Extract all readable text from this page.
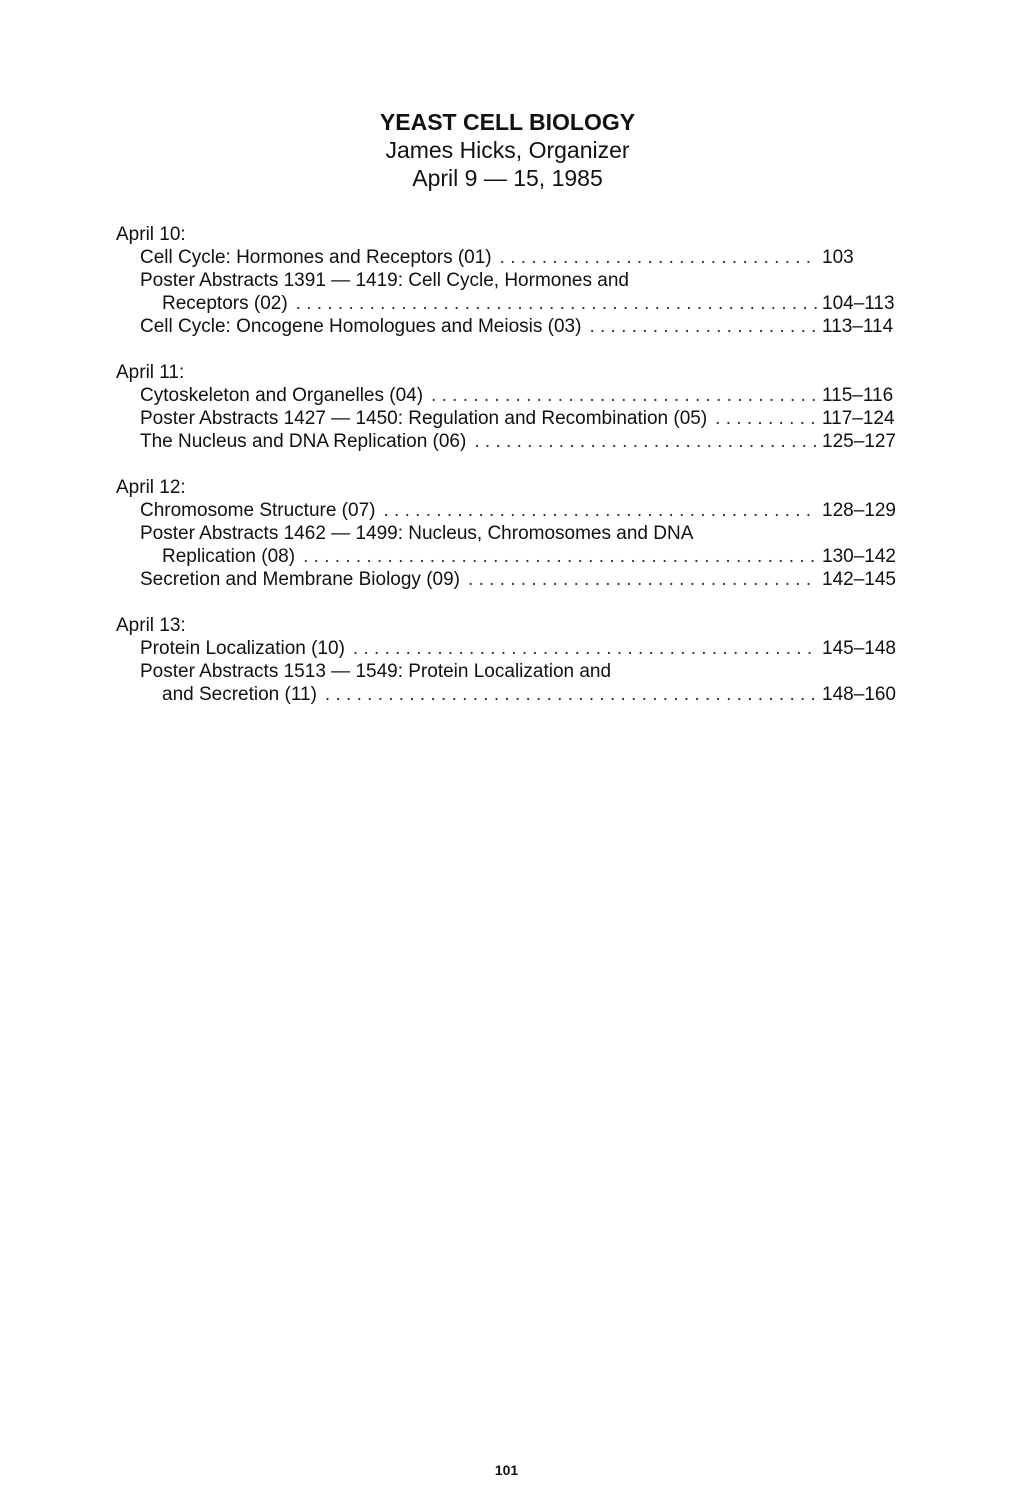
YEAST CELL BIOLOGY
James Hicks, Organizer
April 9 — 15, 1985
April 10:
Cell Cycle: Hormones and Receptors (01) . . .	103
Poster Abstracts 1391 — 1419: Cell Cycle, Hormones and
Receptors (02) . . .	104–113
Cell Cycle: Oncogene Homologues and Meiosis (03) . . .	113–114
April 11:
Cytoskeleton and Organelles (04) . . .	115–116
Poster Abstracts 1427 — 1450: Regulation and Recombination (05) . . .	117–124
The Nucleus and DNA Replication (06) . . .	125–127
April 12:
Chromosome Structure (07) . . .	128–129
Poster Abstracts 1462 — 1499: Nucleus, Chromosomes and DNA
Replication (08) . . .	130–142
Secretion and Membrane Biology (09) . . .	142–145
April 13:
Protein Localization (10) . . .	145–148
Poster Abstracts 1513 — 1549: Protein Localization and
and Secretion (11) . . .	148–160
101
